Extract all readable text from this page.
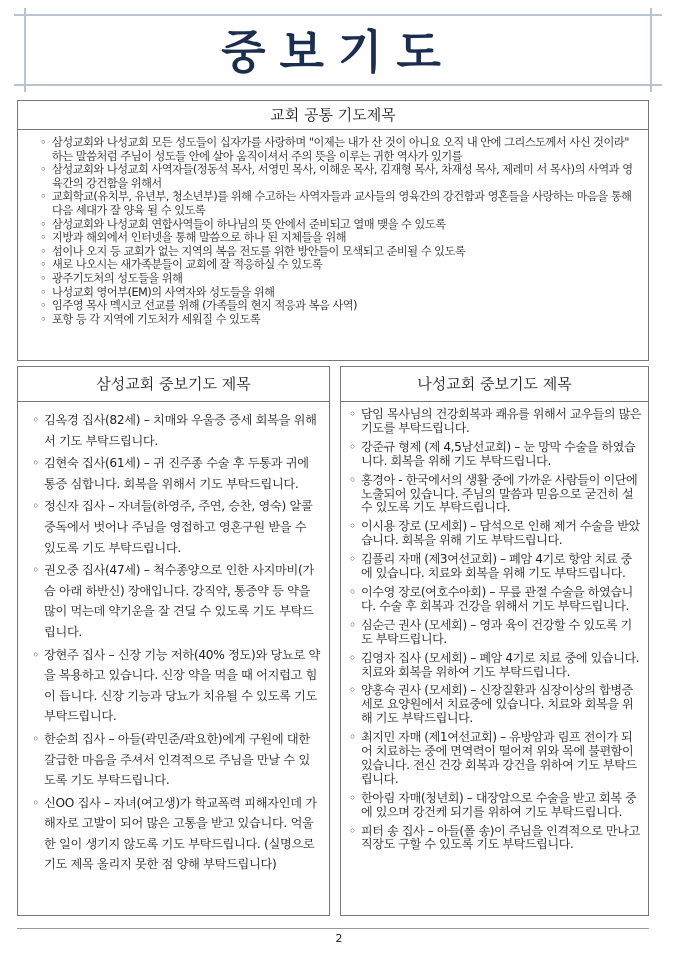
중보기도
교회 공통 기도제목
◦ 삼성교회와 나성교회 모든 성도들이 십자가를 사랑하며 "이제는 내가 산 것이 아니요 오직 내 안에 그리스도께서 사신 것이라" 하는 말씀처럼 주님이 성도들 안에 살아 움직이셔서 주의 뜻을 이루는 귀한 역사가 있기를
◦ 삼성교회와 나성교회 사역자들(정동석 목사, 서영민 목사, 이해운 목사, 김재형 목사, 차재성 목사, 제레미 서 목사)의 사역과 영육간의 강건함을 위해서
◦ 교회학교(유치부, 유년부, 청소년부)를 위해 수고하는 사역자들과 교사들의 영육간의 강건함과 영혼들을 사랑하는 마음을 통해 다음 세대가 잘 양육 될 수 있도록
◦ 삼성교회와 나성교회 연합사역들이 하나님의 뜻 안에서 준비되고 열매 맺을 수 있도록
◦ 지방과 해외에서 인터넷을 통해 말씀으로 하나 된 지체들을 위해
◦ 섬이나 오지 등 교회가 없는 지역의 복음 전도를 위한 방안들이 모색되고 준비될 수 있도록
◦ 새로 나오시는 새가족분들이 교회에 잘 적응하실 수 있도록
◦ 광주기도처의 성도들을 위해
◦ 나성교회 영어부(EM)의 사역자와 성도들을 위해
◦ 임주영 목사 멕시코 선교를 위해 (가족들의 현지 적응과 복음 사역)
◦ 포항 등 각 지역에 기도처가 세워질 수 있도록
삼성교회 중보기도 제목
◦ 김옥경 집사(82세) – 치매와 우울증 증세 회복을 위해서 기도 부탁드립니다.
◦ 김현숙 집사(61세) – 귀 진주종 수술 후 두통과 귀에 통증 심합니다. 회복을 위해서 기도 부탁드립니다.
◦ 정신자 집사 – 자녀들(하영주, 주연, 승찬, 영숙) 알콜중독에서 벗어나 주님을 영접하고 영혼구원 받을 수 있도록 기도 부탁드립니다.
◦ 권오중 집사(47세) – 척수종양으로 인한 사지마비(가슴 아래 하반신) 장애입니다. 강직약, 통증약 등 약을 많이 먹는데 약기운을 잘 견딜 수 있도록 기도 부탁드립니다.
◦ 장현주 집사 – 신장 기능 저하(40% 정도)와 당뇨로 약을 복용하고 있습니다. 신장 약을 먹을 때 어지럽고 힘이 듭니다. 신장 기능과 당뇨가 치유될 수 있도록 기도 부탁드립니다.
◦ 한순희 집사 – 아들(곽민준/곽요한)에게 구원에 대한 갈급한 마음을 주셔서 인격적으로 주님을 만날 수 있도록 기도 부탁드립니다.
◦ 신OO 집사 – 자녀(여고생)가 학교폭력 피해자인데 가해자로 고발이 되어 많은 고통을 받고 있습니다. 억울한 일이 생기지 않도록 기도 부탁드립니다. (실명으로 기도 제목 올리지 못한 점 양해 부탁드립니다)
나성교회 중보기도 제목
◦ 담임 목사님의 건강회복과 쾌유를 위해서 교우들의 많은 기도를 부탁드립니다.
◦ 강준규 형제 (제 4,5남선교회) – 눈 망막 수술을 하였습니다. 회복을 위해 기도 부탁드립니다.
◦ 홍경아 - 한국에서의 생활 중에 가까운 사람들이 이단에 노출되어 있습니다. 주님의 말씀과 믿음으로 굳건히 설 수 있도록 기도 부탁드립니다.
◦ 이시용 장로 (모세회) – 담석으로 인해 제거 수술을 받았습니다. 회복을 위해 기도 부탁드립니다.
◦ 김풀리 자매 (제3여선교회) – 폐암 4기로 항암 치료 중에 있습니다. 치료와 회복을 위해 기도 부탁드립니다.
◦ 이수영 장로(여호수아회) – 무릎 관절 수술을 하였습니다. 수술 후 회복과 건강을 위해서 기도 부탁드립니다.
◦ 심순근 권사 (모세회) – 영과 육이 건강할 수 있도록 기도 부탁드립니다.
◦ 김영자 집사 (모세회) – 폐암 4기로 치료 중에 있습니다. 치료와 회복을 위하여 기도 부탁드립니다.
◦ 양홍숙 권사 (모세회) – 신장질환과 심장이상의 합병증세로 요양원에서 치료중에 있습니다. 치료와 회복을 위해 기도 부탁드립니다.
◦ 최지민 자매 (제1여선교회) – 유방암과 림프 전이가 되어 치료하는 중에 면역력이 떨어져 위와 목에 불편함이 있습니다. 전신 건강 회복과 강건을 위하여 기도 부탁드립니다.
◦ 한아림 자매(청년회) – 대장암으로 수술을 받고 회복 중에 있으며 강건케 되기를 위하여 기도 부탁드립니다.
◦ 피터 송 집사 – 아들(폴 송)이 주님을 인격적으로 만나고 직장도 구할 수 있도록 기도 부탁드립니다.
2
